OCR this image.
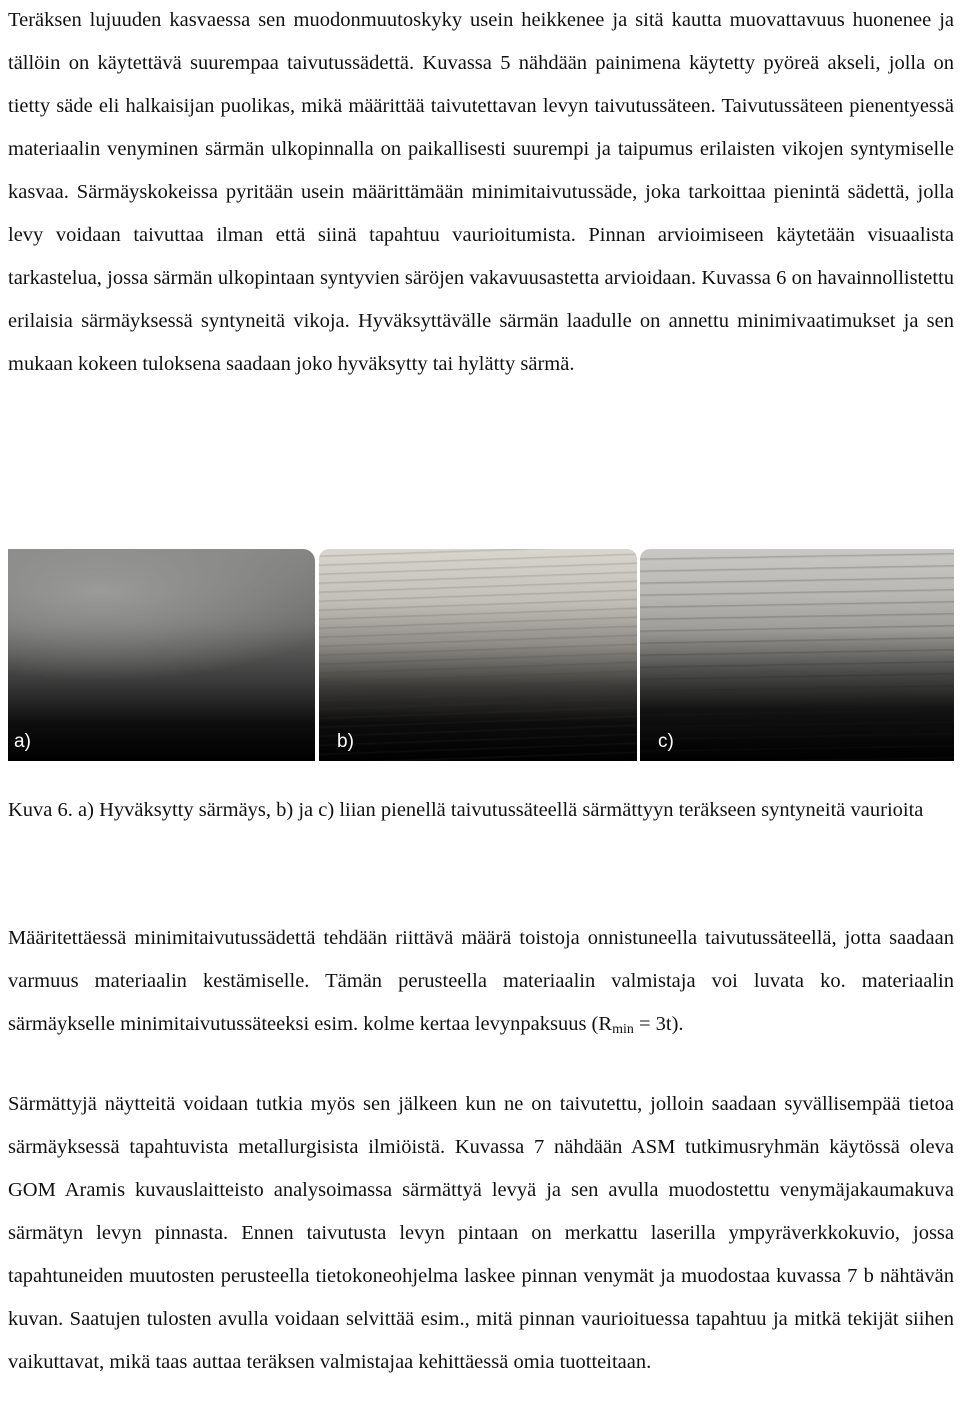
Teräksen lujuuden kasvaessa sen muodonmuutoskyky usein heikkenee ja sitä kautta muovattavuus huonenee ja tällöin on käytettävä suurempaa taivutussädettä. Kuvassa 5 nähdään painimena käytetty pyöreä akseli, jolla on tietty säde eli halkaisijan puolikas, mikä määrittää taivutettavan levyn taivutussäteen. Taivutussäteen pienentyessä materiaalin venyminen särmän ulkopinnalla on paikallisesti suurempi ja taipumus erilaisten vikojen syntymiselle kasvaa. Särmäyskokeissa pyritään usein määrittämään minimitaivutussäde, joka tarkoittaa pienintä sädettä, jolla levy voidaan taivuttaa ilman että siinä tapahtuu vaurioitumista. Pinnan arvioimiseen käytetään visuaalista tarkastelua, jossa särmän ulkopintaan syntyvien säröjen vakavuusastetta arvioidaan. Kuvassa 6 on havainnollistettu erilaisia särmäyksessä syntyneitä vikoja. Hyväksyttävälle särmän laadulle on annettu minimivaatimukset ja sen mukaan kokeen tuloksena saadaan joko hyväksytty tai hylätty särmä.

a)	b)	c)

Kuva 6. a) Hyväksytty särmäys, b) ja c) liian pienellä taivutussäteellä särmättyyn teräkseen syntyneitä vaurioita

Määritettäessä minimitaivutussädettä tehdään riittävä määrä toistoja onnistuneella taivutussäteellä, jotta saadaan varmuus materiaalin kestämiselle. Tämän perusteella materiaalin valmistaja voi luvata ko. materiaalin särmäykselle minimitaivutussäteeksi esim. kolme kertaa levynpaksuus $(R_{min} = 3t)$.

Särmättyjä näytteitä voidaan tutkia myös sen jälkeen kun ne on taivutettu, jolloin saadaan syvällisempää tietoa särmäyksessä tapahtuvista metallurgisista ilmiöistä. Kuvassa 7 nähdään ASM tutkimusryhmän käytössä oleva GOM Aramis kuvauslaitteisto analysoimassa särmättyä levyä ja sen avulla muodostettu venymäjakaumakuva särmätyn levyn pinnasta. Ennen taivutusta levyn pintaan on merkattu laserilla ympyräverkkokuvio, jossa tapahtuneiden muutosten perusteella tietokoneohjelma laskee pinnan venymät ja muodostaa kuvassa 7 b nähtävän kuvan. Saatujen tulosten avulla voidaan selvittää esim., mitä pinnan vaurioituessa tapahtuu ja mitkä tekijät siihen vaikuttavat, mikä taas auttaa teräksen valmistajaa kehittäessä omia tuotteitaan.
